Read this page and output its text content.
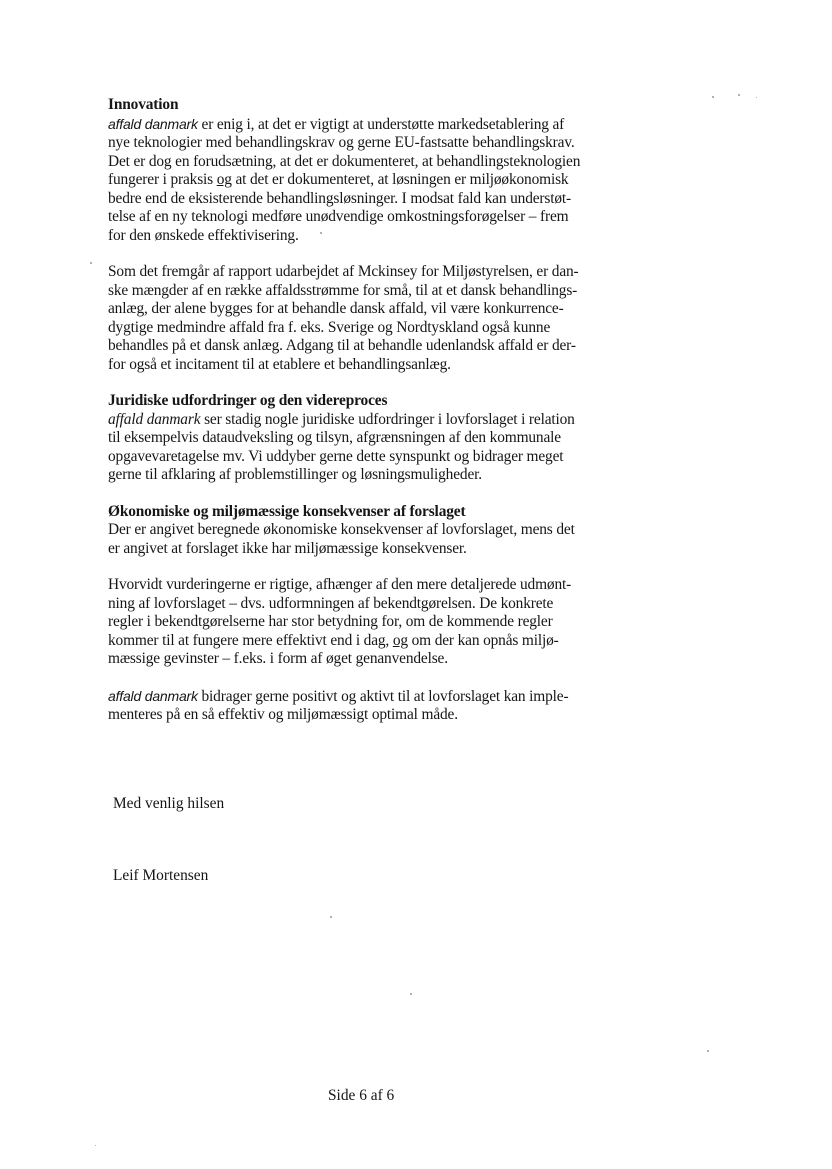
Innovation

affald danmark er enig i, at det er vigtigt at understøtte markedsetablering af
nye teknologier med behandlingskrav og gerne EU-fastsatte behandlingskrav.
Det er dog en forudsætning, at det er dokumenteret, at behandlingsteknologien
fungerer i praksis og at det er dokumenteret, at løsningen er miljøøkonomisk
bedre end de eksisterende behandlingsløsninger. I modsat fald kan understøt-
telse af en ny teknologi medføre unødvendige omkostningsforøgelser – frem
for den ønskede effektivisering.

Som det fremgår af rapport udarbejdet af Mckinsey for Miljøstyrelsen, er dan-
ske mængder af en række affaldsstrømme for små, til at et dansk behandlings-
anlæg, der alene bygges for at behandle dansk affald, vil være konkurrence-
dygtige medmindre affald fra f. eks. Sverige og Nordtyskland også kunne
behandles på et dansk anlæg. Adgang til at behandle udenlandsk affald er der-
for også et incitament til at etablere et behandlingsanlæg.

Juridiske udfordringer og den videreproces

affald danmark ser stadig nogle juridiske udfordringer i lovforslaget i relation
til eksempelvis dataudveksling og tilsyn, afgrænsningen af den kommunale
opgavevaretagelse mv. Vi uddyber gerne dette synspunkt og bidrager meget
gerne til afklaring af problemstillinger og løsningsmuligheder.

Økonomiske og miljømæssige konsekvenser af forslaget

Der er angivet beregnede økonomiske konsekvenser af lovforslaget, mens det
er angivet at forslaget ikke har miljømæssige konsekvenser.

Hvorvidt vurderingerne er rigtige, afhænger af den mere detaljerede udmønt-
ning af lovforslaget – dvs. udformningen af bekendtgørelsen. De konkrete
regler i bekendtgørelserne har stor betydning for, om de kommende regler
kommer til at fungere mere effektivt end i dag, og om der kan opnås miljø-
mæssige gevinster – f.eks. i form af øget genanvendelse.

affald danmark bidrager gerne positivt og aktivt til at lovforslaget kan imple-
menteres på en så effektiv og miljømæssigt optimal måde.

Med venlig hilsen
Leif Mortensen
Side 6 af 6
